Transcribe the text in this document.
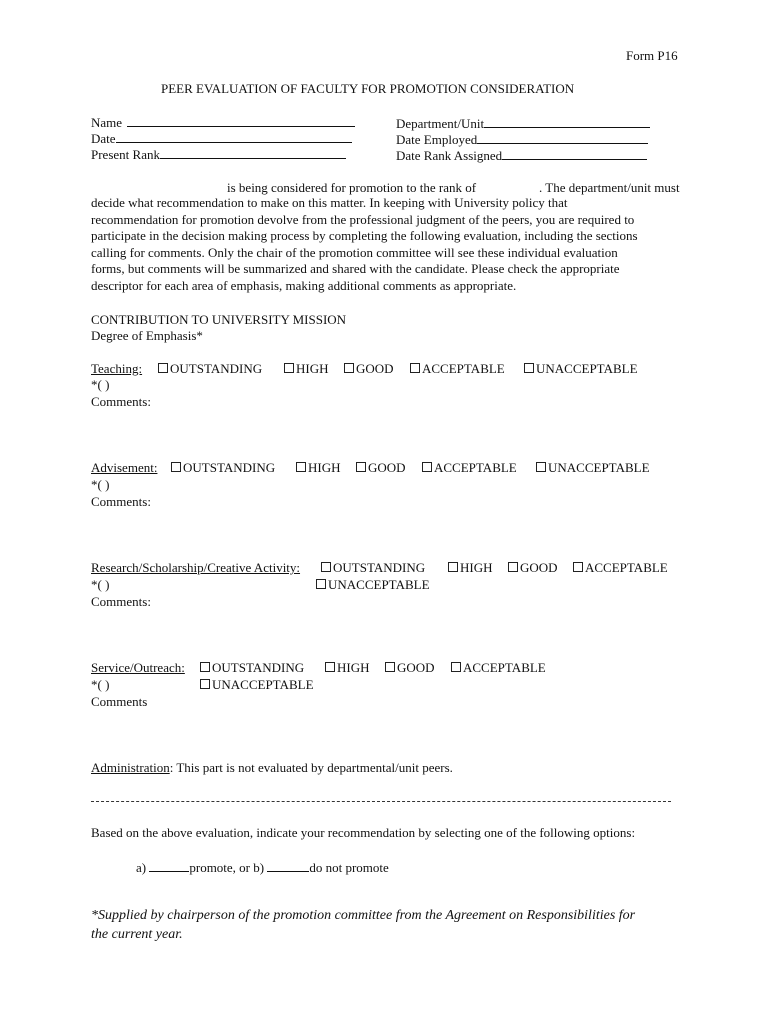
Form P16
PEER EVALUATION OF FACULTY FOR PROMOTION CONSIDERATION
Name
Date
Present Rank
Department/Unit
Date Employed
Date Rank Assigned
is being considered for promotion to the rank of	. The department/unit must
decide what recommendation to make on this matter. In keeping with University policy that
recommendation for promotion devolve from the professional judgment of the peers, you are required to
participate in the decision making process by completing the following evaluation, including the sections
calling for comments. Only the chair of the promotion committee will see these individual evaluation
forms, but comments will be summarized and shared with the candidate. Please check the appropriate
descriptor for each area of emphasis, making additional comments as appropriate.
CONTRIBUTION TO UNIVERSITY MISSION
Degree of Emphasis*
Teaching:	OUTSTANDING	HIGH	GOOD	ACCEPTABLE	UNACCEPTABLE
*( )
Comments:
Advisement:	OUTSTANDING	HIGH	GOOD	ACCEPTABLE	UNACCEPTABLE
*( )
Comments:
Research/Scholarship/Creative Activity:	OUTSTANDING	HIGH	GOOD	ACCEPTABLE
*( )	UNACCEPTABLE
Comments:
Service/Outreach:	OUTSTANDING	HIGH	GOOD	ACCEPTABLE
*( )	UNACCEPTABLE
Comments
Administration: This part is not evaluated by departmental/unit peers.
Based on the above evaluation, indicate your recommendation by selecting one of the following options:
a)	promote, or b)	do not promote
*Supplied by chairperson of the promotion committee from the Agreement on Responsibilities for
the current year.
